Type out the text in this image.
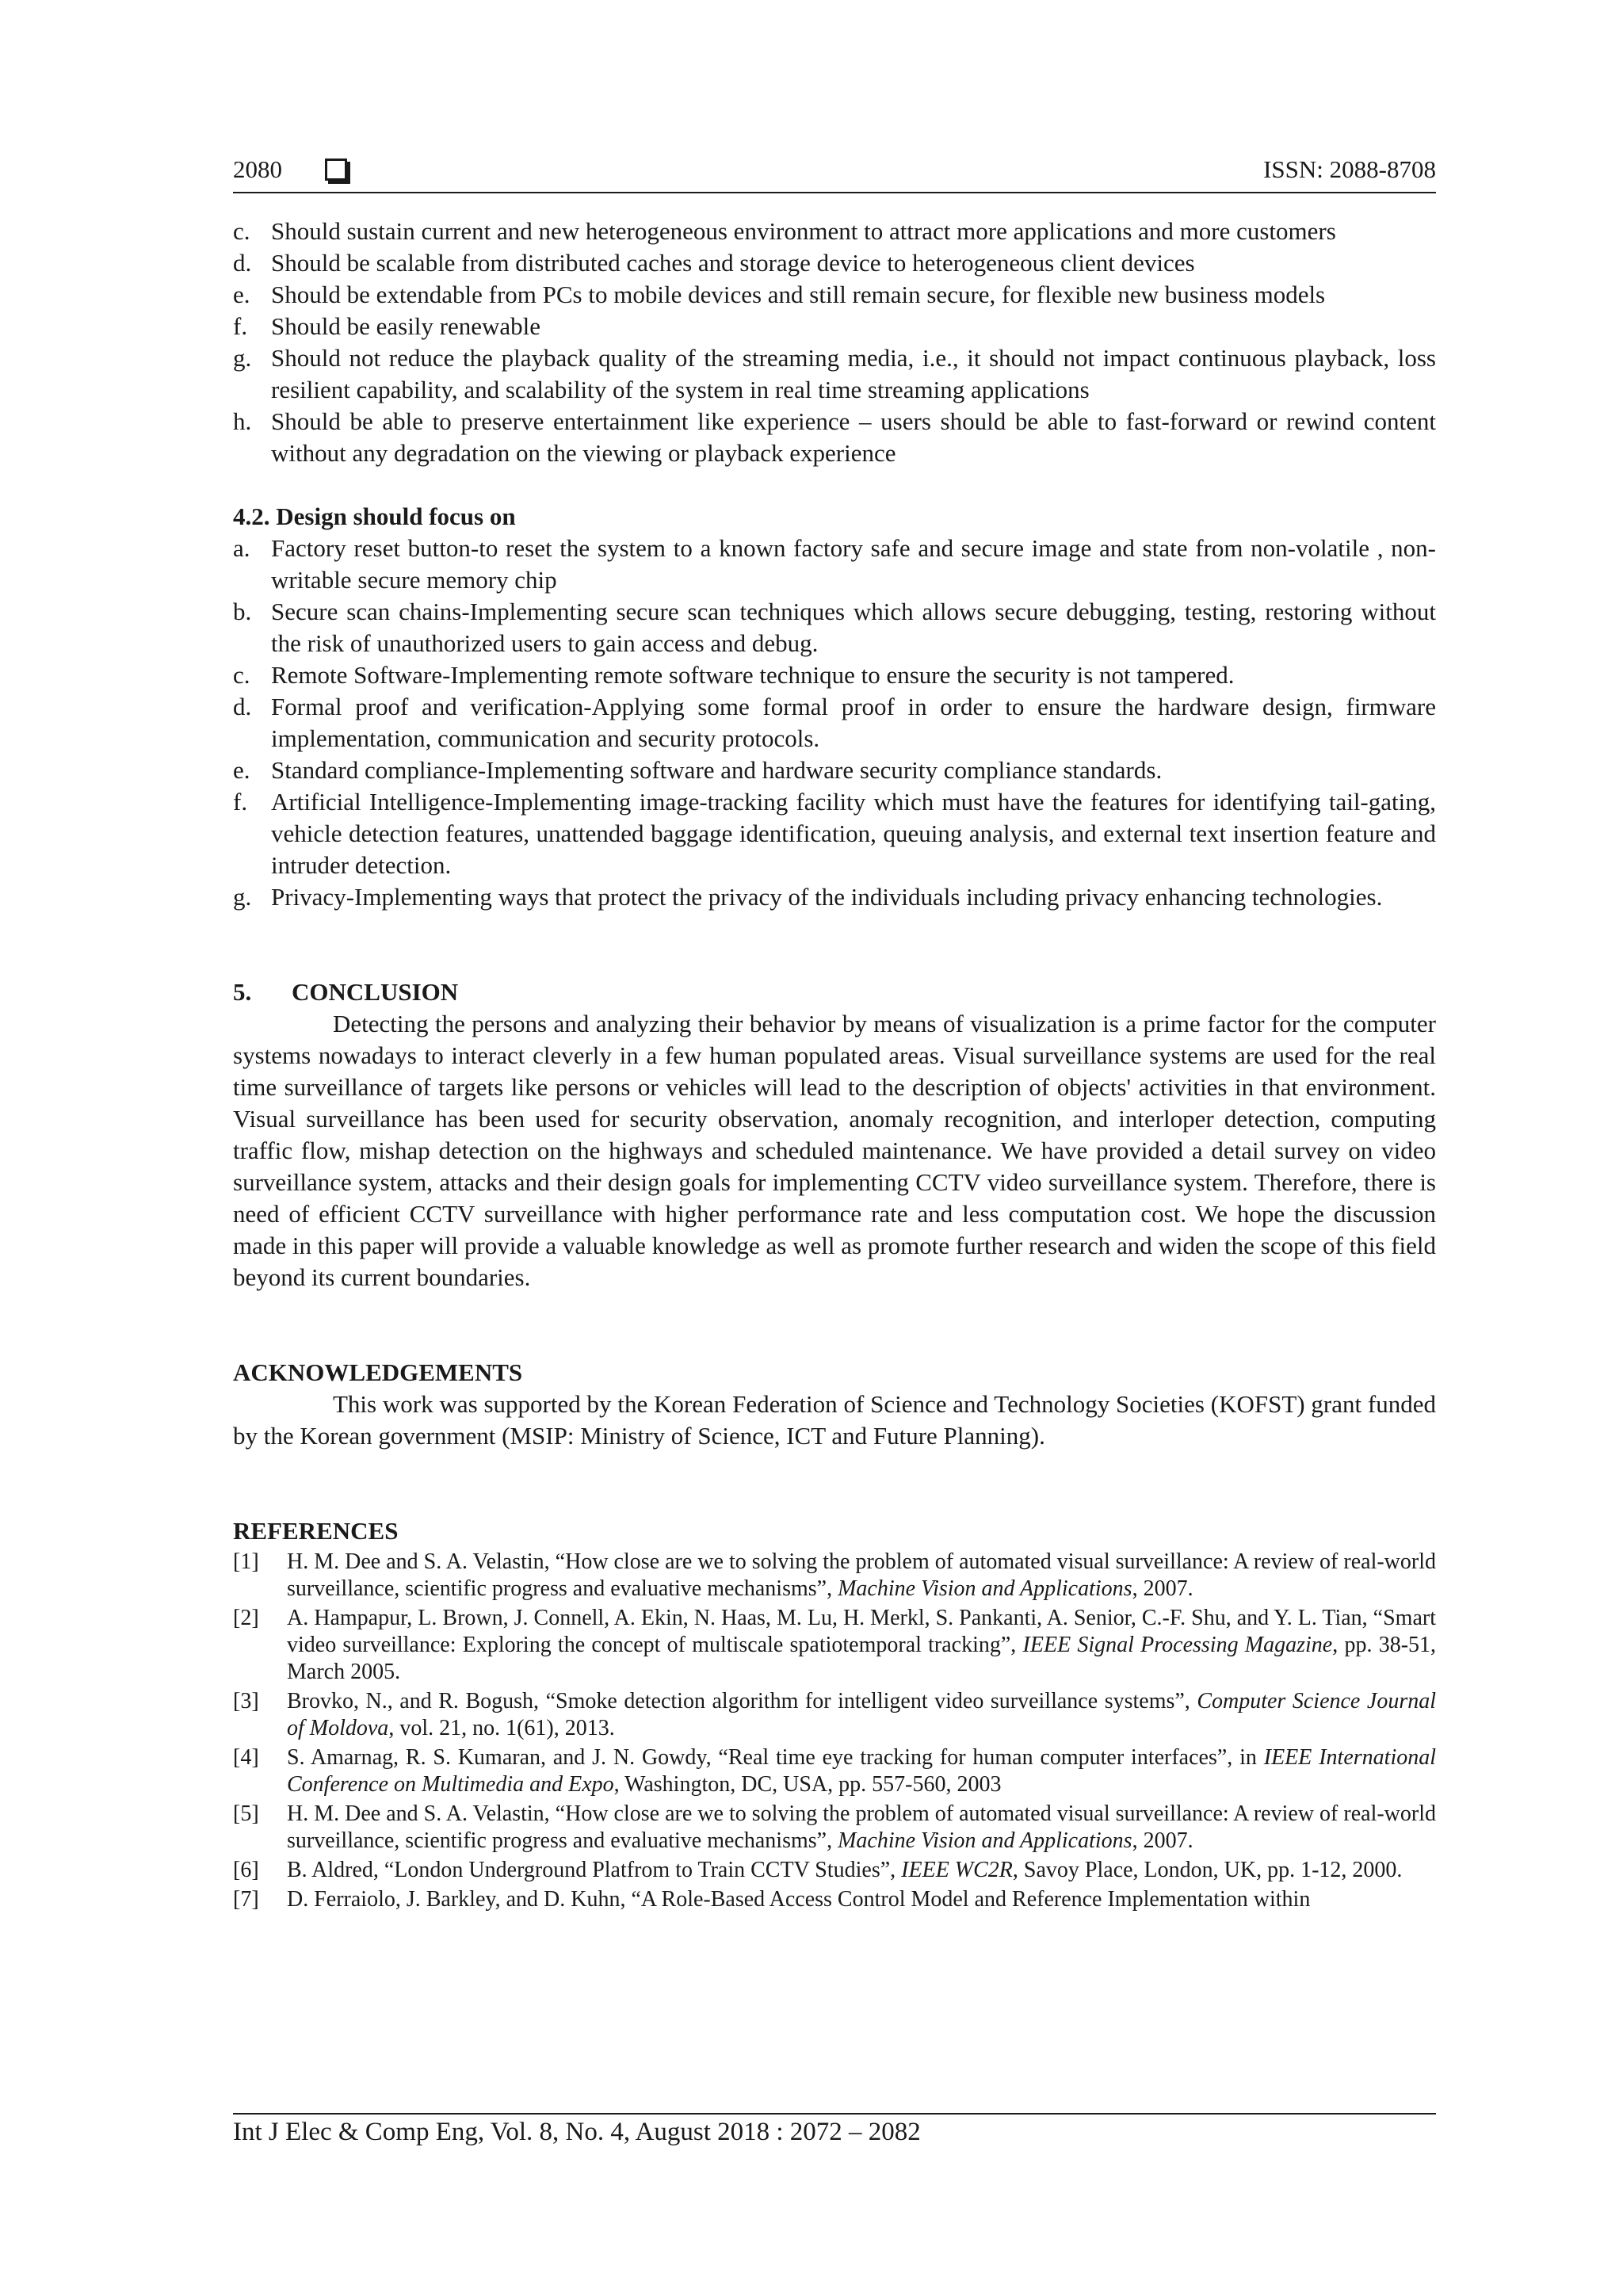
2080	ISSN: 2088-8708
c. Should sustain current and new heterogeneous environment to attract more applications and more customers
d. Should be scalable from distributed caches and storage device to heterogeneous client devices
e. Should be extendable from PCs to mobile devices and still remain secure, for flexible new business models
f. Should be easily renewable
g. Should not reduce the playback quality of the streaming media, i.e., it should not impact continuous playback, loss resilient capability, and scalability of the system in real time streaming applications
h. Should be able to preserve entertainment like experience – users should be able to fast-forward or rewind content without any degradation on the viewing or playback experience
4.2. Design should focus on
a. Factory reset button-to reset the system to a known factory safe and secure image and state from non-volatile , non-writable secure memory chip
b. Secure scan chains-Implementing secure scan techniques which allows secure debugging, testing, restoring without the risk of unauthorized users to gain access and debug.
c. Remote Software-Implementing remote software technique to ensure the security is not tampered.
d. Formal proof and verification-Applying some formal proof in order to ensure the hardware design, firmware implementation, communication and security protocols.
e. Standard compliance-Implementing software and hardware security compliance standards.
f. Artificial Intelligence-Implementing image-tracking facility which must have the features for identifying tail-gating, vehicle detection features, unattended baggage identification, queuing analysis, and external text insertion feature and intruder detection.
g. Privacy-Implementing ways that protect the privacy of the individuals including privacy enhancing technologies.
5. CONCLUSION

Detecting the persons and analyzing their behavior by means of visualization is a prime factor for the computer systems nowadays to interact cleverly in a few human populated areas. Visual surveillance systems are used for the real time surveillance of targets like persons or vehicles will lead to the description of objects' activities in that environment. Visual surveillance has been used for security observation, anomaly recognition, and interloper detection, computing traffic flow, mishap detection on the highways and scheduled maintenance. We have provided a detail survey on video surveillance system, attacks and their design goals for implementing CCTV video surveillance system. Therefore, there is need of efficient CCTV surveillance with higher performance rate and less computation cost. We hope the discussion made in this paper will provide a valuable knowledge as well as promote further research and widen the scope of this field beyond its current boundaries.

ACKNOWLEDGEMENTS

This work was supported by the Korean Federation of Science and Technology Societies (KOFST) grant funded by the Korean government (MSIP: Ministry of Science, ICT and Future Planning).

REFERENCES
[1] H. M. Dee and S. A. Velastin, “How close are we to solving the problem of automated visual surveillance: A review of real-world surveillance, scientific progress and evaluative mechanisms”, Machine Vision and Applications, 2007.
[2] A. Hampapur, L. Brown, J. Connell, A. Ekin, N. Haas, M. Lu, H. Merkl, S. Pankanti, A. Senior, C.-F. Shu, and Y. L. Tian, “Smart video surveillance: Exploring the concept of multiscale spatiotemporal tracking”, IEEE Signal Processing Magazine, pp. 38-51, March 2005.
[3] Brovko, N., and R. Bogush, “Smoke detection algorithm for intelligent video surveillance systems”, Computer Science Journal of Moldova, vol. 21, no. 1(61), 2013.
[4] S. Amarnag, R. S. Kumaran, and J. N. Gowdy, “Real time eye tracking for human computer interfaces”, in IEEE International Conference on Multimedia and Expo, Washington, DC, USA, pp. 557-560, 2003
[5] H. M. Dee and S. A. Velastin, “How close are we to solving the problem of automated visual surveillance: A review of real-world surveillance, scientific progress and evaluative mechanisms”, Machine Vision and Applications, 2007.
[6] B. Aldred, “London Underground Platfrom to Train CCTV Studies”, IEEE WC2R, Savoy Place, London, UK, pp. 1-12, 2000.
[7] D. Ferraiolo, J. Barkley, and D. Kuhn, “A Role-Based Access Control Model and Reference Implementation within
Int J Elec & Comp Eng, Vol. 8, No. 4, August 2018 : 2072 – 2082
